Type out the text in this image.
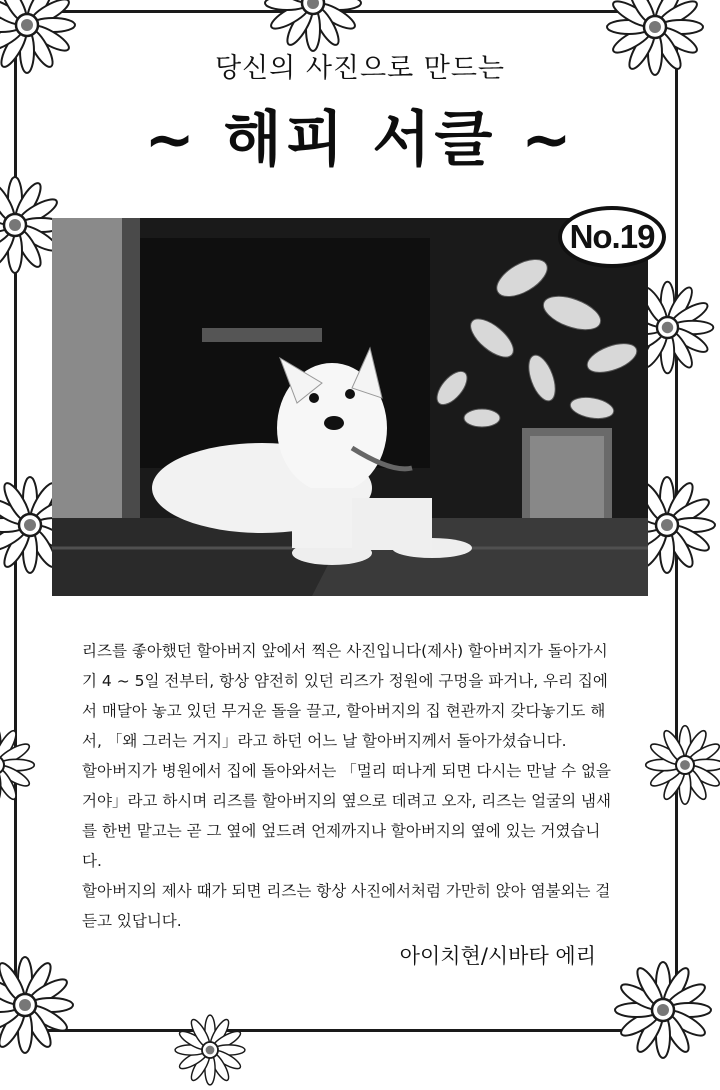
당신의 사진으로 만드는
~ 해피 서클 ~
No.19

리즈를 좋아했던 할아버지 앞에서 찍은 사진입니다(제사) 할아버지가 돌아가시기 4 ~ 5일 전부터, 항상 얌전히 있던 리즈가 정원에 구멍을 파거나, 우리 집에서 매달아 놓고 있던 무거운 돌을 끌고, 할아버지의 집 현관까지 갖다놓기도 해서, 「왜 그러는 거지」라고 하던 어느 날 할아버지께서 돌아가셨습니다.

할아버지가 병원에서 집에 돌아와서는 「멀리 떠나게 되면 다시는 만날 수 없을 거야」라고 하시며 리즈를 할아버지의 옆으로 데려고 오자, 리즈는 얼굴의 냄새를 한번 맡고는 곧 그 옆에 엎드려 언제까지나 할아버지의 옆에 있는 거였습니다.

할아버지의 제사 때가 되면 리즈는 항상 사진에서처럼 가만히 앉아 염불외는 걸 듣고 있답니다.

아이치현/시바타 에리
